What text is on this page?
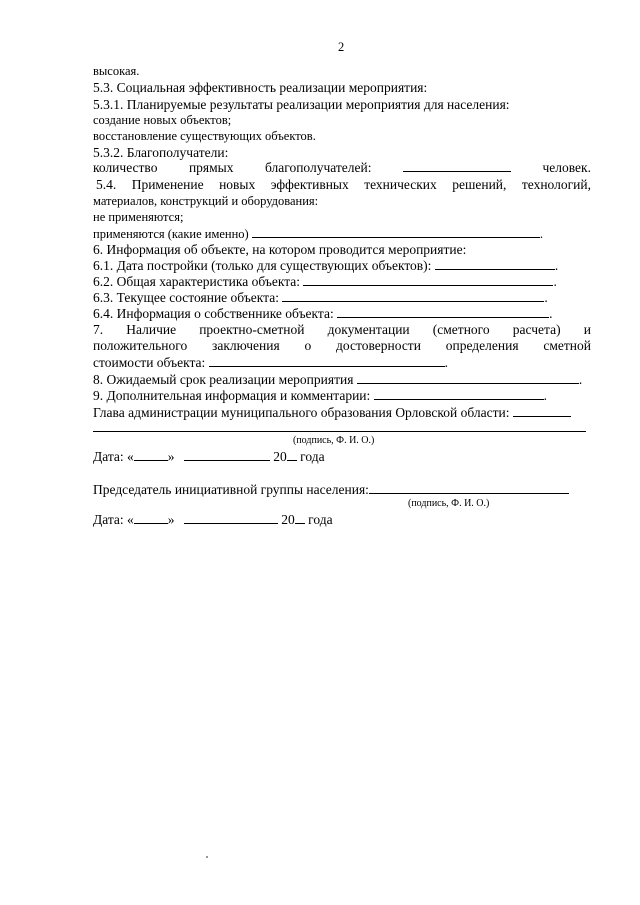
2
высокая.
5.3. Социальная эффективность реализации мероприятия:
5.3.1. Планируемые результаты реализации мероприятия для населения:
создание новых объектов;
восстановление существующих объектов.
5.3.2. Благополучатели:
количество прямых благополучателей:	человек.
5.4. Применение новых эффективных технических решений, технологий,
материалов, конструкций и оборудования:
не применяются;
применяются (какие именно)	.
6. Информация об объекте, на котором проводится мероприятие:
6.1. Дата постройки (только для существующих объектов):	.
6.2. Общая характеристика объекта:	.
6.3. Текущее состояние объекта:	.
6.4. Информация о собственнике объекта:	.
7. Наличие проектно-сметной документации (сметного расчета) и
положительного заключения о достоверности определения сметной
стоимости объекта:	.
8. Ожидаемый срок реализации мероприятия	.
9. Дополнительная информация и комментарии:	.
Глава администрации муниципального образования Орловской области:
(подпись, Ф. И. О.)
Дата: «	»	20 года
Председатель инициативной группы населения:
(подпись, Ф. И. О.)
Дата: «	»	20 года
